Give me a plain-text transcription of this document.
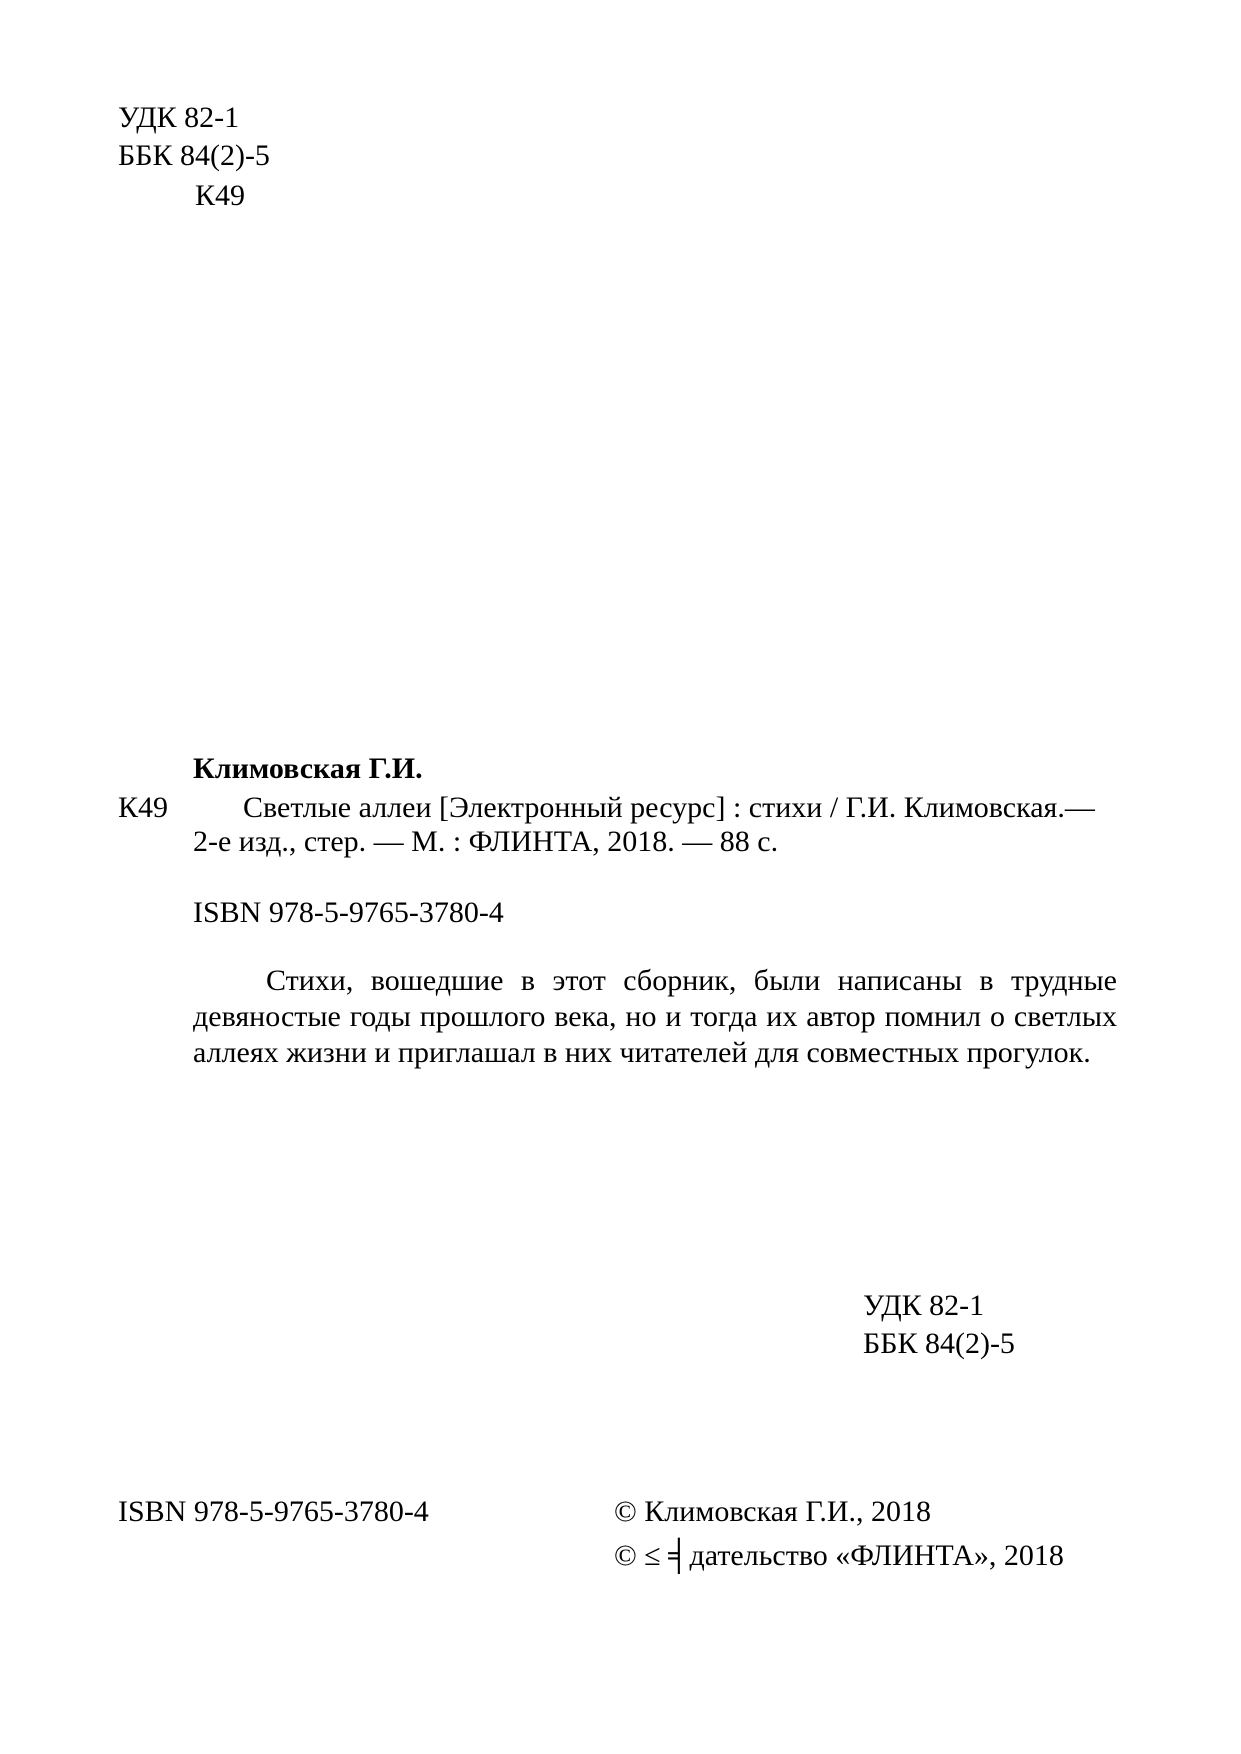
УДК 82-1
ББК 84(2)-5
К49
Климовская Г.И.
К49 Светлые аллеи [Электронный ресурс] : стихи / Г.И. Климовская.—
2-е изд., стер. — М. : ФЛИНТА, 2018. — 88 с.
ISBN 978-5-9765-3780-4
Стихи, вошедшие в этот сборник, были написаны в трудные девяностые годы прошлого века, но и тогда их автор помнил о светлых аллеях жизни и приглашал в них читателей для совместных прогулок.
УДК 82-1
ББК 84(2)-5
ISBN 978-5-9765-3780-4	© Климовская Г.И., 2018
© ≤ ╡дательство «ФЛИНТА», 2018
